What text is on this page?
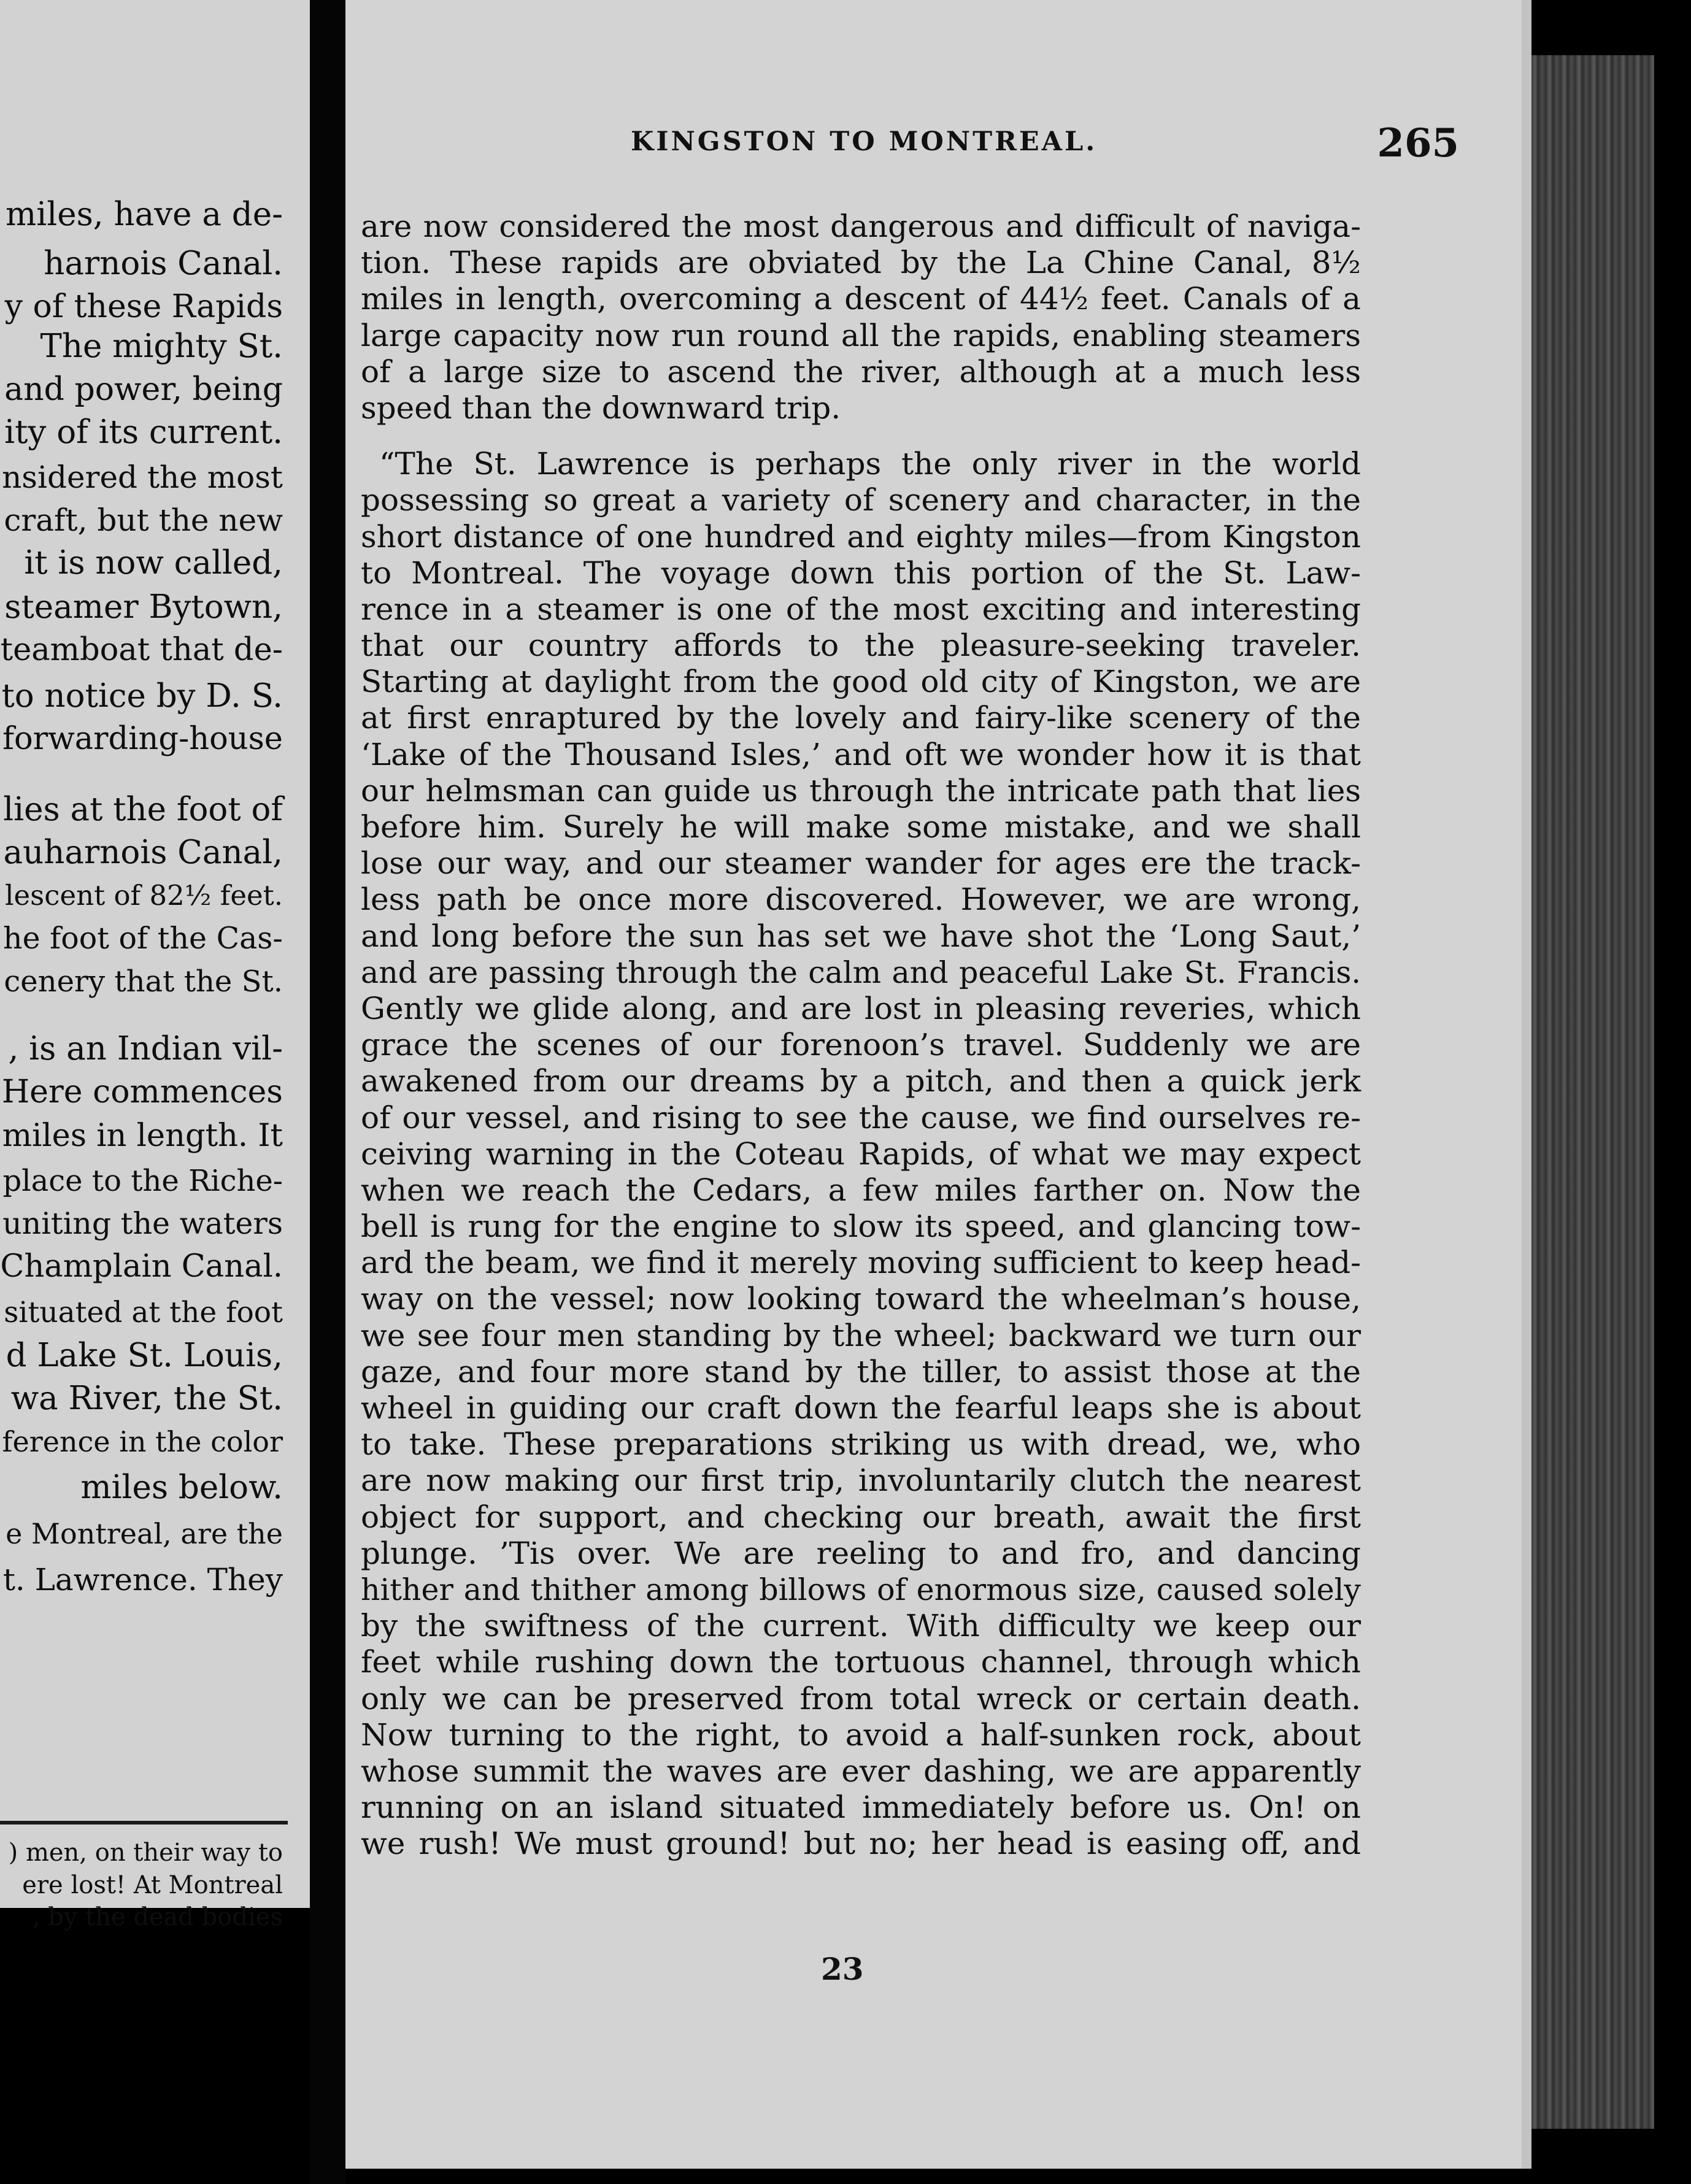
miles, have a de-
harnois Canal.
y of these Rapids
The mighty St.
and power, being
ity of its current.
nsidered the most
craft, but the new
it is now called,
steamer Bytown,
teamboat that de-
to notice by D. S.
forwarding-house
lies at the foot of
auharnois Canal,
lescent of 82½ feet.
he foot of the Cas-
cenery that the St.
, is an Indian vil-
Here commences
miles in length. It
place to the Riche-
uniting the waters
Champlain Canal.
situated at the foot
d Lake St. Louis,
wa River, the St.
ference in the color
miles below.
e Montreal, are the
t. Lawrence. They
) men, on their way to
ere lost! At Montreal
, by the dead bodies
KINGSTON TO MONTREAL.	265
are now considered the most dangerous and difficult of naviga-
tion. These rapids are obviated by the La Chine Canal, 8½
miles in length, overcoming a descent of 44½ feet. Canals of a
large capacity now run round all the rapids, enabling steamers
of a large size to ascend the river, although at a much less
speed than the downward trip.
“The St. Lawrence is perhaps the only river in the world
possessing so great a variety of scenery and character, in the
short distance of one hundred and eighty miles—from Kingston
to Montreal. The voyage down this portion of the St. Law-
rence in a steamer is one of the most exciting and interesting
that our country affords to the pleasure-seeking traveler.
Starting at daylight from the good old city of Kingston, we are
at first enraptured by the lovely and fairy-like scenery of the
‘Lake of the Thousand Isles,’ and oft we wonder how it is that
our helmsman can guide us through the intricate path that lies
before him. Surely he will make some mistake, and we shall
lose our way, and our steamer wander for ages ere the track-
less path be once more discovered. However, we are wrong,
and long before the sun has set we have shot the ‘Long Saut,’
and are passing through the calm and peaceful Lake St. Francis.
Gently we glide along, and are lost in pleasing reveries, which
grace the scenes of our forenoon’s travel. Suddenly we are
awakened from our dreams by a pitch, and then a quick jerk
of our vessel, and rising to see the cause, we find ourselves re-
ceiving warning in the Coteau Rapids, of what we may expect
when we reach the Cedars, a few miles farther on. Now the
bell is rung for the engine to slow its speed, and glancing tow-
ard the beam, we find it merely moving sufficient to keep head-
way on the vessel; now looking toward the wheelman’s house,
we see four men standing by the wheel; backward we turn our
gaze, and four more stand by the tiller, to assist those at the
wheel in guiding our craft down the fearful leaps she is about
to take. These preparations striking us with dread, we, who
are now making our first trip, involuntarily clutch the nearest
object for support, and checking our breath, await the first
plunge. ’Tis over. We are reeling to and fro, and dancing
hither and thither among billows of enormous size, caused solely
by the swiftness of the current. With difficulty we keep our
feet while rushing down the tortuous channel, through which
only we can be preserved from total wreck or certain death.
Now turning to the right, to avoid a half-sunken rock, about
whose summit the waves are ever dashing, we are apparently
running on an island situated immediately before us. On! on
we rush! We must ground! but no; her head is easing off, and
23
